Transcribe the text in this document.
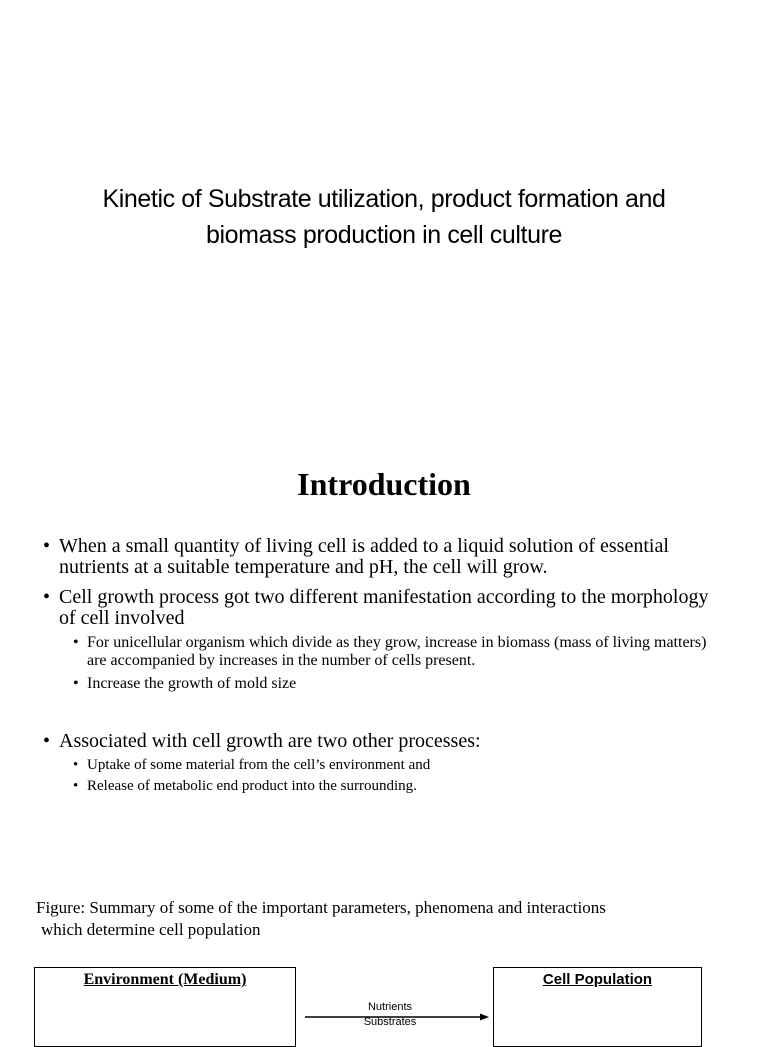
Kinetic of Substrate utilization, product formation and
biomass production in cell culture
Introduction
• When a small quantity of living cell is added to a liquid solution of essential nutrients at a suitable temperature and pH, the cell will grow.
• Cell growth process got two different manifestation according to the morphology of cell involved
• For unicellular organism which divide as they grow, increase in biomass (mass of living matters) are accompanied by increases in the number of cells present.
• Increase the growth of mold size
• Associated with cell growth are two other processes:
• Uptake of some material from the cell’s environment and
• Release of metabolic end product into the surrounding.
Figure: Summary of some of the important parameters, phenomena and interactions
which determine cell population
Environment (Medium)	Cell Population
Nutrients
Substrates
